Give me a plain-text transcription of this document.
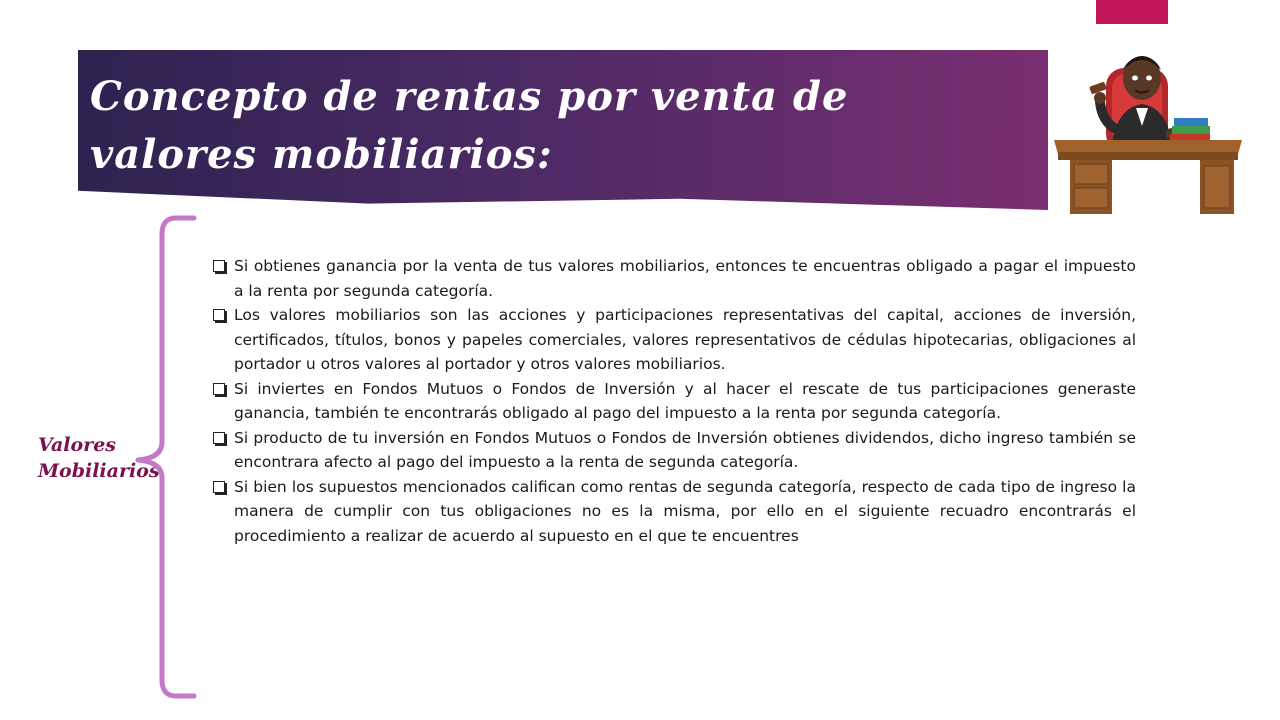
Concepto de rentas por venta de valores mobiliarios:
Valores Mobiliarios
Si obtienes ganancia por la venta de tus valores mobiliarios, entonces te encuentras obligado a pagar el impuesto a la renta por segunda categoría.
Los valores mobiliarios son las acciones y participaciones representativas del capital, acciones de inversión, certificados, títulos, bonos y papeles comerciales, valores representativos de cédulas hipotecarias, obligaciones al portador u otros valores al portador y otros valores mobiliarios.
Si inviertes en Fondos Mutuos o Fondos de Inversión y al hacer el rescate de tus participaciones generaste ganancia, también te encontrarás obligado al pago del impuesto a la renta por segunda categoría.
Si producto de tu inversión en Fondos Mutuos o Fondos de Inversión obtienes dividendos, dicho ingreso también se encontrara afecto al pago del impuesto a la renta de segunda categoría.
Si bien los supuestos mencionados califican como rentas de segunda categoría, respecto de cada tipo de ingreso la manera de cumplir con tus obligaciones no es la misma, por ello en el siguiente recuadro encontrarás el procedimiento a realizar de acuerdo al supuesto en el que te encuentres
